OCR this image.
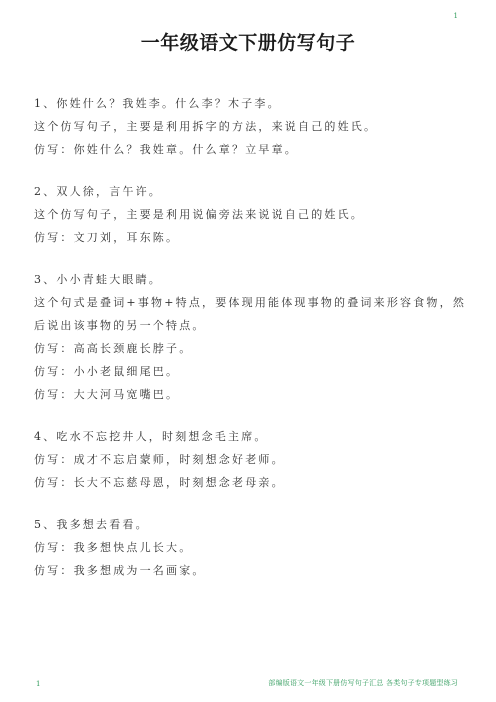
1
一年级语文下册仿写句子
1、你姓什么？我姓李。什么李？木子李。
这个仿写句子，主要是利用拆字的方法，来说自己的姓氏。
仿写：你姓什么？我姓章。什么章？立早章。
2、双人徐，言午许。
这个仿写句子，主要是利用说偏旁法来说说自己的姓氏。
仿写：文刀刘，耳东陈。
3、小小青蛙大眼睛。
这个句式是叠词+事物+特点，要体现用能体现事物的叠词来形容食物，然后说出该事物的另一个特点。
仿写：高高长颈鹿长脖子。
仿写：小小老鼠细尾巴。
仿写：大大河马宽嘴巴。
4、吃水不忘挖井人，时刻想念毛主席。
仿写：成才不忘启蒙师，时刻想念好老师。
仿写：长大不忘慈母恩，时刻想念老母亲。
5、我多想去看看。
仿写：我多想快点儿长大。
仿写：我多想成为一名画家。
1	部编版语文一年级下册仿写句子汇总 各类句子专项题型练习
